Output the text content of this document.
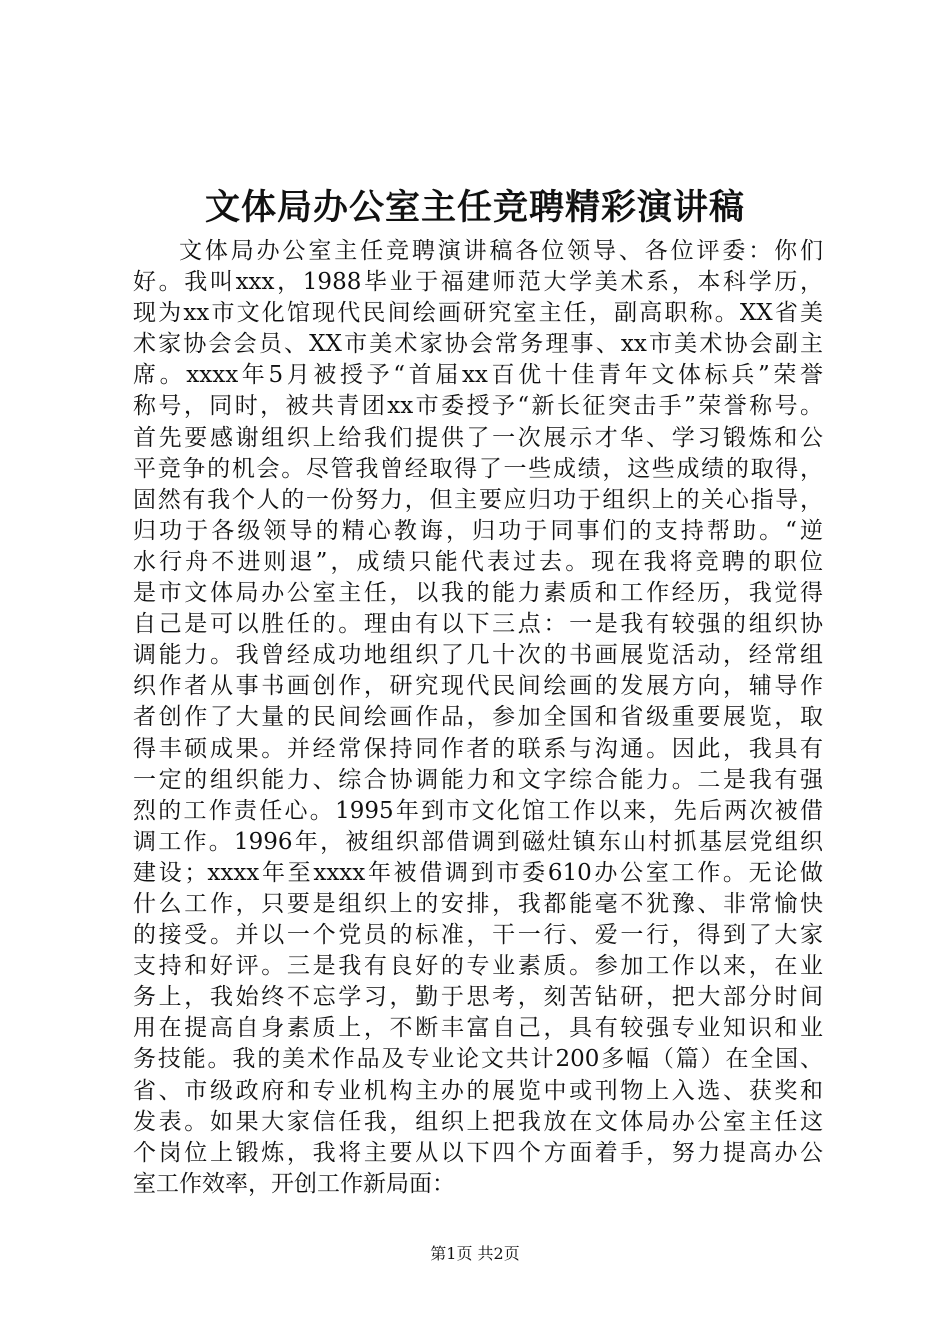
文体局办公室主任竞聘精彩演讲稿
文体局办公室主任竞聘演讲稿各位领导、各位评委：你们
好。我叫xxx，1988毕业于福建师范大学美术系，本科学历，
现为xx市文化馆现代民间绘画研究室主任，副高职称。XX省美
术家协会会员、XX市美术家协会常务理事、xx市美术协会副主
席。xxxx年5月被授予“首届xx百优十佳青年文体标兵”荣誉
称号，同时，被共青团xx市委授予“新长征突击手”荣誉称号。
首先要感谢组织上给我们提供了一次展示才华、学习锻炼和公
平竞争的机会。尽管我曾经取得了一些成绩，这些成绩的取得，
固然有我个人的一份努力，但主要应归功于组织上的关心指导，
归功于各级领导的精心教诲，归功于同事们的支持帮助。“逆
水行舟不进则退”，成绩只能代表过去。现在我将竞聘的职位
是市文体局办公室主任，以我的能力素质和工作经历，我觉得
自己是可以胜任的。理由有以下三点：一是我有较强的组织协
调能力。我曾经成功地组织了几十次的书画展览活动，经常组
织作者从事书画创作，研究现代民间绘画的发展方向，辅导作
者创作了大量的民间绘画作品，参加全国和省级重要展览，取
得丰硕成果。并经常保持同作者的联系与沟通。因此，我具有
一定的组织能力、综合协调能力和文字综合能力。二是我有强
烈的工作责任心。1995年到市文化馆工作以来，先后两次被借
调工作。1996年，被组织部借调到磁灶镇东山村抓基层党组织
建设；xxxx年至xxxx年被借调到市委610办公室工作。无论做
什么工作，只要是组织上的安排，我都能毫不犹豫、非常愉快
的接受。并以一个党员的标准，干一行、爱一行，得到了大家
支持和好评。三是我有良好的专业素质。参加工作以来，在业
务上，我始终不忘学习，勤于思考，刻苦钻研，把大部分时间
用在提高自身素质上，不断丰富自己，具有较强专业知识和业
务技能。我的美术作品及专业论文共计200多幅（篇）在全国、
省、市级政府和专业机构主办的展览中或刊物上入选、获奖和
发表。如果大家信任我，组织上把我放在文体局办公室主任这
个岗位上锻炼，我将主要从以下四个方面着手，努力提高办公
室工作效率，开创工作新局面：
第1页 共2页
